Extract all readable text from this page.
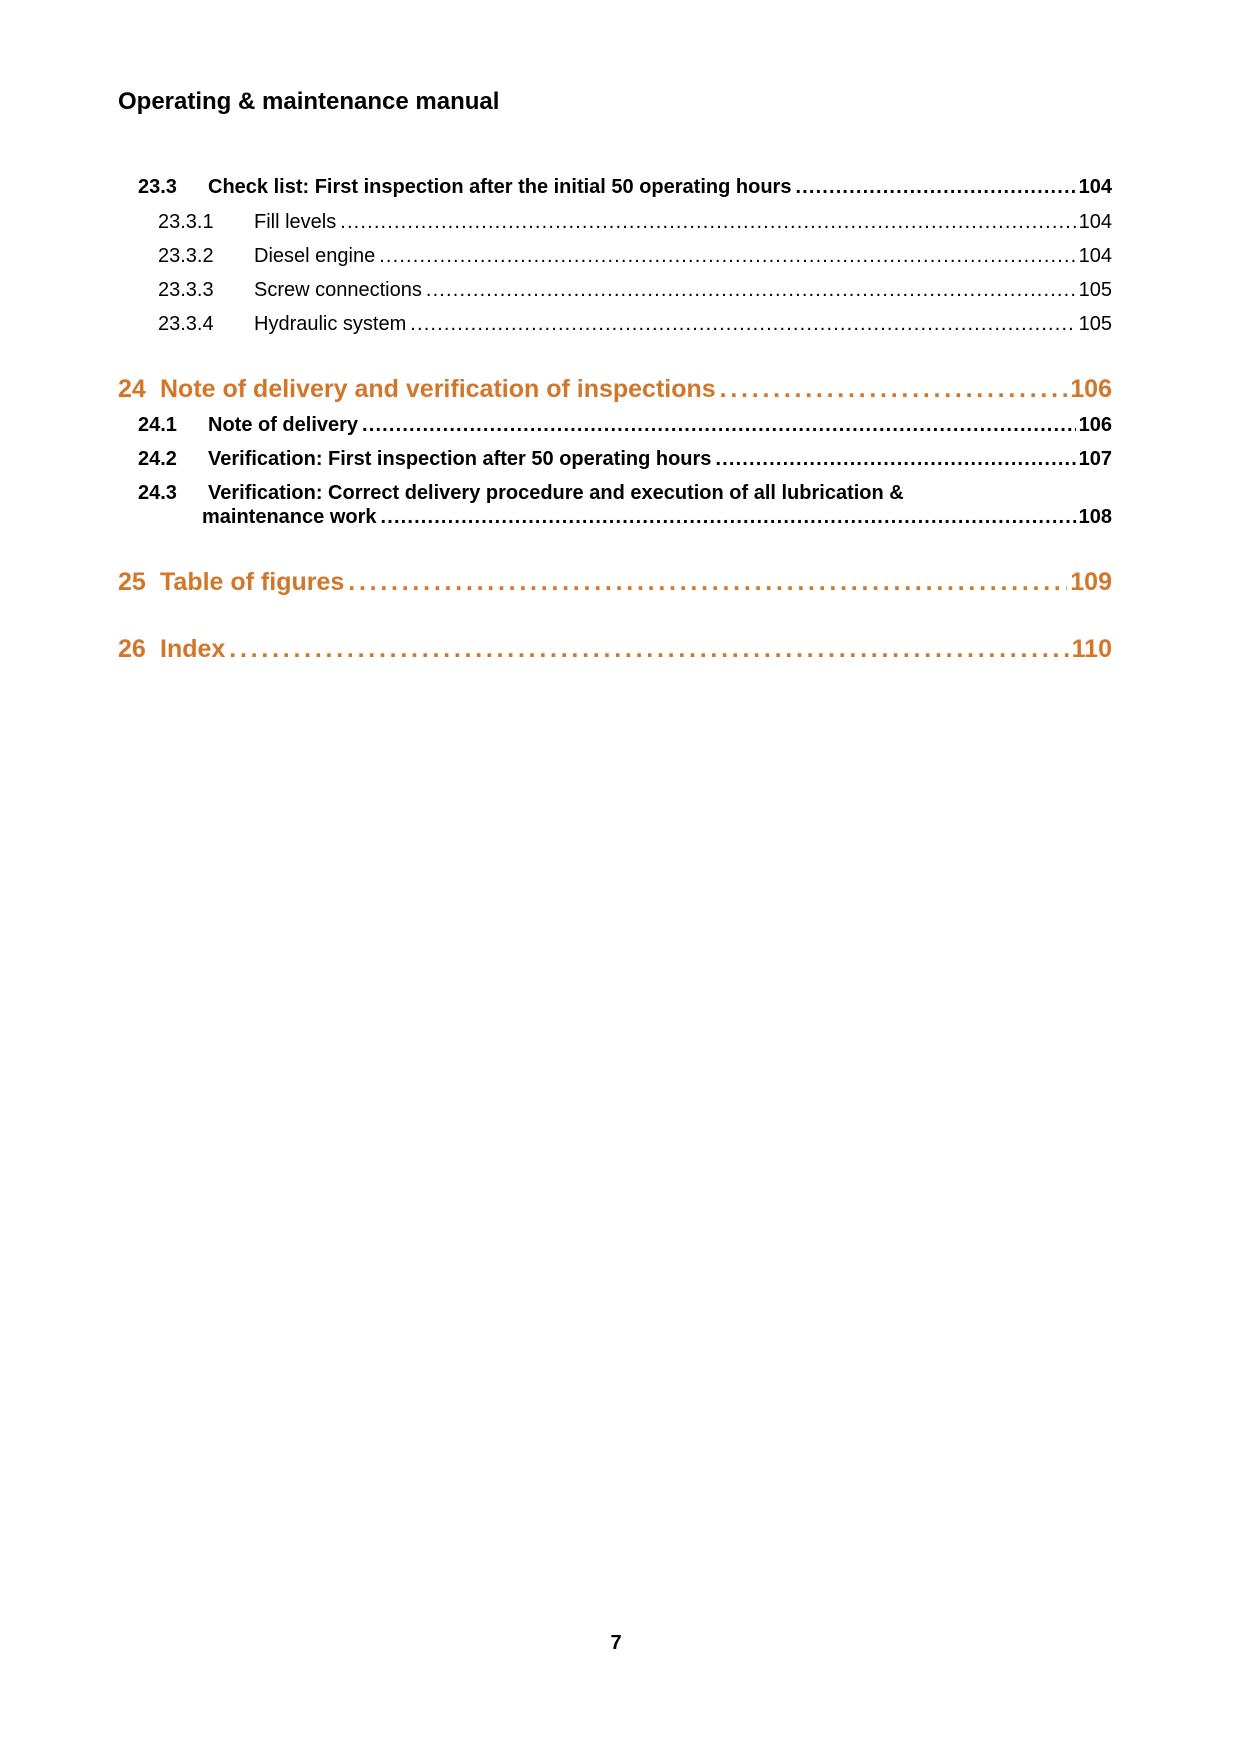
Operating & maintenance manual
23.3	Check list: First inspection after the initial 50 operating hours . . .	104
23.3.1	Fill levels . . .	104
23.3.2	Diesel engine . . .	104
23.3.3	Screw connections . . .	105
23.3.4	Hydraulic system . . .	105
24 Note of delivery and verification of inspections . . .	106
24.1	Note of delivery . . .	106
24.2	Verification: First inspection after 50 operating hours . . .	107
24.3 Verification: Correct delivery procedure and execution of all lubrication &
maintenance work . . .	108
25 Table of figures . . .	109
26 Index . . .	110
7
